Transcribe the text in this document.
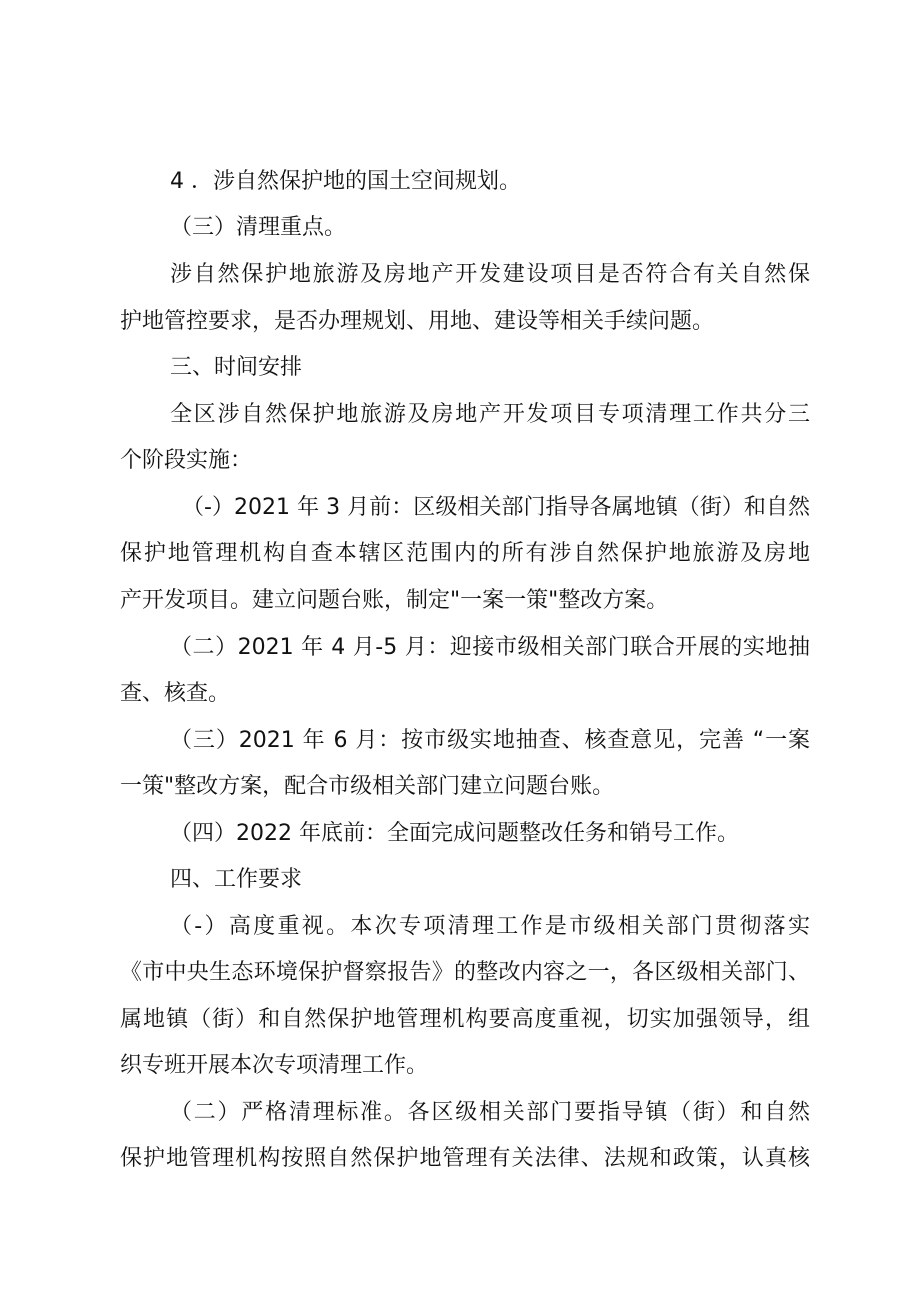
4 ．涉自然保护地的国土空间规划。
（三）清理重点。
涉自然保护地旅游及房地产开发建设项目是否符合有关自然保
护地管控要求，是否办理规划、用地、建设等相关手续问题。
三、时间安排
全区涉自然保护地旅游及房地产开发项目专项清理工作共分三
个阶段实施：
（-）2021 年 3 月前：区级相关部门指导各属地镇（街）和自然
保护地管理机构自查本辖区范围内的所有涉自然保护地旅游及房地
产开发项目。建立问题台账，制定"一案一策"整改方案。
（二）2021 年 4 月-5 月：迎接市级相关部门联合开展的实地抽
查、核查。
（三）2021 年 6 月：按市级实地抽查、核查意见，完善 “一案
一策"整改方案，配合市级相关部门建立问题台账。
（四）2022 年底前：全面完成问题整改任务和销号工作。
四、工作要求
（-）高度重视。本次专项清理工作是市级相关部门贯彻落实
《市中央生态环境保护督察报告》的整改内容之一，各区级相关部门、
属地镇（街）和自然保护地管理机构要高度重视，切实加强领导，组
织专班开展本次专项清理工作。
（二）严格清理标准。各区级相关部门要指导镇（街）和自然
保护地管理机构按照自然保护地管理有关法律、法规和政策，认真核
